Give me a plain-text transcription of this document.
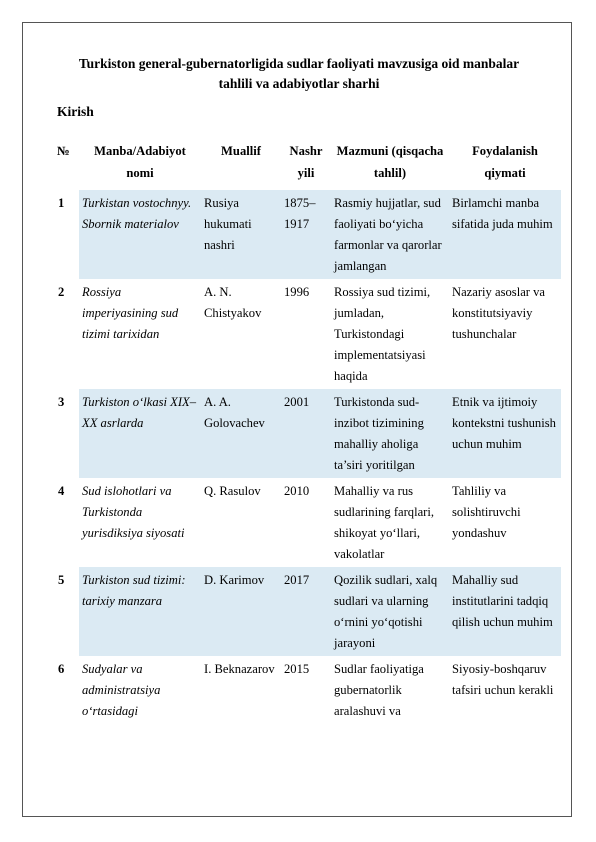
Turkiston general-gubernatorligida sudlar faoliyati mavzusiga oid manbalar
tahlili va adabiyotlar sharhi
Kirish
№	Manba/Adabiyot nomi	Muallif	Nashr yili	Mazmuni (qisqacha tahlil)	Foydalanish qiymati
1	Turkistan vostochnyy. Sbornik materialov	Rusiya hukumati nashri	1875–1917	Rasmiy hujjatlar, sud faoliyati bo‘yicha farmonlar va qarorlar jamlangan	Birlamchi manba sifatida juda muhim
2	Rossiya imperiyasining sud tizimi tarixidan	A. N. Chistyakov	1996	Rossiya sud tizimi, jumladan, Turkistondagi implementatsiyasi haqida	Nazariy asoslar va konstitutsiyaviy tushunchalar
3	Turkiston o‘lkasi XIX–XX asrlarda	A. A. Golovachev	2001	Turkistonda sud-inzibot tizimining mahalliy aholiga ta’siri yoritilgan	Etnik va ijtimoiy kontekstni tushunish uchun muhim
4	Sud islohotlari va Turkistonda yurisdiksiya siyosati	Q. Rasulov	2010	Mahalliy va rus sudlarining farqlari, shikoyat yo‘llari, vakolatlar	Tahliliy va solishtiruvchi yondashuv
5	Turkiston sud tizimi: tarixiy manzara	D. Karimov	2017	Qozilik sudlari, xalq sudlari va ularning o‘rnini yo‘qotishi jarayoni	Mahalliy sud institutlarini tadqiq qilish uchun muhim
6	Sudyalar va administratsiya o‘rtasidagi	I. Beknazarov	2015	Sudlar faoliyatiga gubernatorlik aralashuvi va	Siyosiy-boshqaruv tafsiri uchun kerakli
